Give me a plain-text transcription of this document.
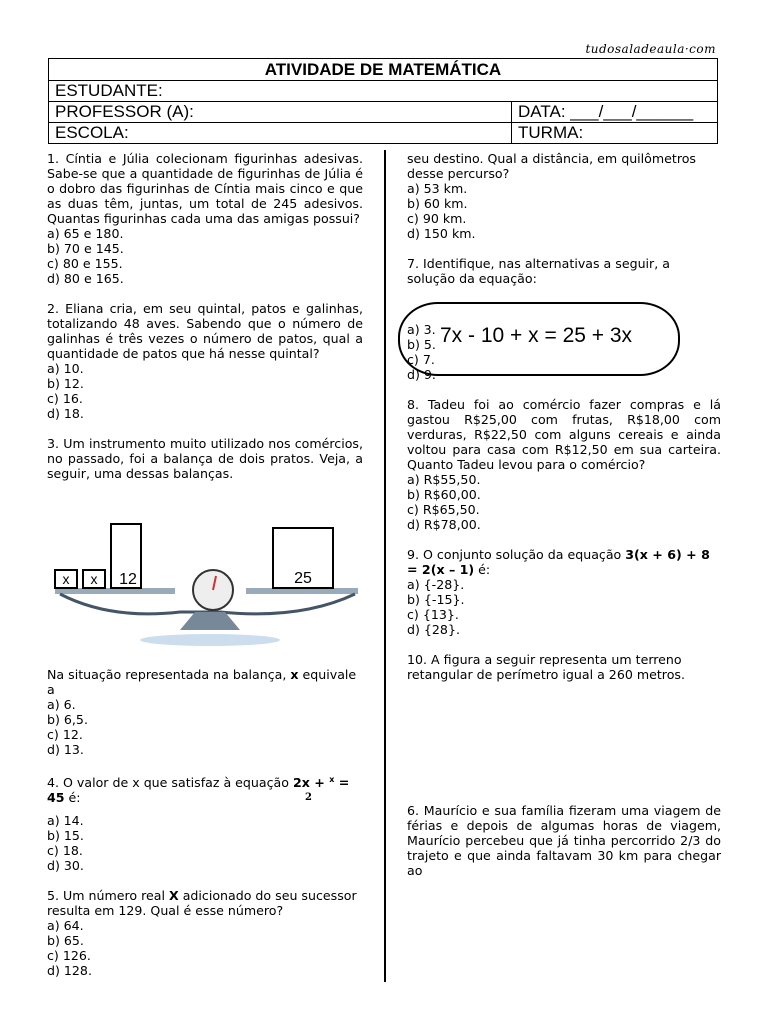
tudosaladeaula·com
ATIVIDADE DE MATEMÁTICA	
ESTUDANTE:	
PROFESSOR (A):	DATA: ___/___/______
ESCOLA:	TURMA:

1. Cíntia e Júlia colecionam figurinhas adesivas. Sabe-se que a quantidade de figurinhas de Júlia é o dobro das figurinhas de Cíntia mais cinco e que as duas têm, juntas, um total de 245 adesivos. Quantas figurinhas cada uma das amigas possui?

a) 65 e 180.

b) 70 e 145.

c) 80 e 155.

d) 80 e 165.

2. Eliana cria, em seu quintal, patos e galinhas, totalizando 48 aves. Sabendo que o número de galinhas é três vezes o número de patos, qual a quantidade de patos que há nesse quintal?

a) 10.

b) 12.

c) 16.

d) 18.

3. Um instrumento muito utilizado nos comércios, no passado, foi a balança de dois pratos. Veja, a seguir, uma dessas balanças.

x x 12	25

Na situação representada na balança, x equivale a

a) 6.

b) 6,5.

c) 12.

d) 13.

4. O valor de x que satisfaz à equação 2x + $^x$ = 45 é:

a) 14.

b) 15.

c) 18.

d) 30.

5. Um número real X adicionado do seu sucessor resulta em 129. Qual é esse número?

a) 64.

b) 65.

c) 126.

d) 128.

2

seu destino. Qual a distância, em quilômetros desse percurso?

a) 53 km.

b) 60 km.

c) 90 km.

d) 150 km.

7. Identifique, nas alternativas a seguir, a solução da equação:

7x - 10 + x = 25 + 3x

a) 3.

b) 5.

c) 7.

d) 9.

8. Tadeu foi ao comércio fazer compras e lá gastou R$25,00 com frutas, R$18,00 com verduras, R$22,50 com alguns cereais e ainda voltou para casa com R$12,50 em sua carteira. Quanto Tadeu levou para o comércio?

a) R$55,50.

b) R$60,00.

c) R$65,50.

d) R$78,00.

9. O conjunto solução da equação 3(x + 6) + 8 = 2(x – 1) é:

a) {-28}.

b) {-15}.

c) {13}.

d) {28}.

10. A figura a seguir representa um terreno retangular de perímetro igual a 260 metros.

6. Maurício e sua família fizeram uma viagem de férias e depois de algumas horas de viagem, Maurício percebeu que já tinha percorrido 2/3 do trajeto e que ainda faltavam 30 km para chegar ao
